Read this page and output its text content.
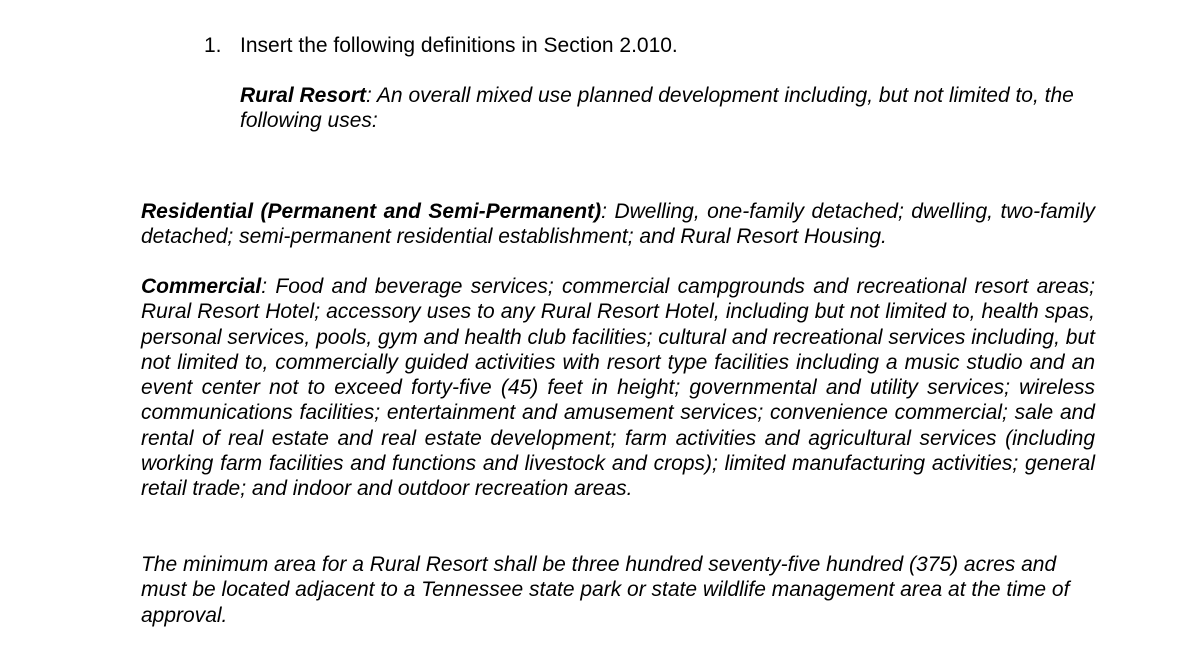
1. Insert the following definitions in Section 2.010.
Rural Resort: An overall mixed use planned development including, but not limited to, the following uses:
Residential (Permanent and Semi-Permanent): Dwelling, one-family detached; dwelling, two-family detached; semi-permanent residential establishment; and Rural Resort Housing.
Commercial: Food and beverage services; commercial campgrounds and recreational resort areas; Rural Resort Hotel; accessory uses to any Rural Resort Hotel, including but not limited to, health spas, personal services, pools, gym and health club facilities; cultural and recreational services including, but not limited to, commercially guided activities with resort type facilities including a music studio and an event center not to exceed forty-five (45) feet in height; governmental and utility services; wireless communications facilities; entertainment and amusement services; convenience commercial; sale and rental of real estate and real estate development; farm activities and agricultural services (including working farm facilities and functions and livestock and crops); limited manufacturing activities; general retail trade; and indoor and outdoor recreation areas.
The minimum area for a Rural Resort shall be three hundred seventy-five hundred (375) acres and must be located adjacent to a Tennessee state park or state wildlife management area at the time of approval.
